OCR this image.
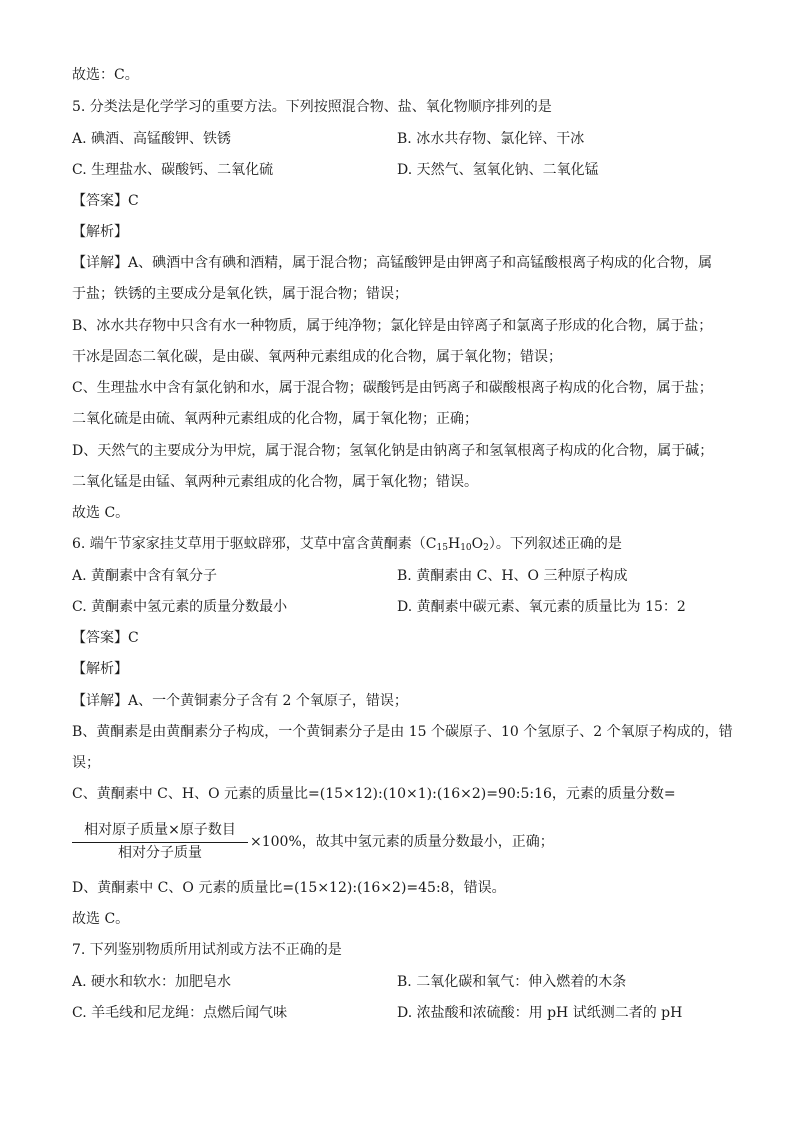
故选：C。
5. 分类法是化学学习的重要方法。下列按照混合物、盐、氧化物顺序排列的是
A. 碘酒、高锰酸钾、铁锈	B. 冰水共存物、氯化锌、干冰
C. 生理盐水、碳酸钙、二氧化硫	D. 天然气、氢氧化钠、二氧化锰
【答案】C
【解析】
【详解】A、碘酒中含有碘和酒精，属于混合物；高锰酸钾是由钾离子和高锰酸根离子构成的化合物，属
于盐；铁锈的主要成分是氧化铁，属于混合物；错误；
B、冰水共存物中只含有水一种物质，属于纯净物；氯化锌是由锌离子和氯离子形成的化合物，属于盐；
干冰是固态二氧化碳，是由碳、氧两种元素组成的化合物，属于氧化物；错误；
C、生理盐水中含有氯化钠和水，属于混合物；碳酸钙是由钙离子和碳酸根离子构成的化合物，属于盐；
二氧化硫是由硫、氧两种元素组成的化合物，属于氧化物；正确；
D、天然气的主要成分为甲烷，属于混合物；氢氧化钠是由钠离子和氢氧根离子构成的化合物，属于碱；
二氧化锰是由锰、氧两种元素组成的化合物，属于氧化物；错误。
故选 C。
6. 端午节家家挂艾草用于驱蚊辟邪，艾草中富含黄酮素$(C_{15}H_{10}O_2)$。下列叙述正确的是
A. 黄酮素中含有氧分子	B. 黄酮素由 C、H、O 三种原子构成
C. 黄酮素中氢元素的质量分数最小	D. 黄酮素中碳元素、氧元素的质量比为 15：2
【答案】C
【解析】
【详解】A、一个黄铜素分子含有 2 个氧原子，错误；
B、黄酮素是由黄酮素分子构成，一个黄铜素分子是由 15 个碳原子、10 个氢原子、2 个氧原子构成的，错
误；
C、黄酮素中 C、H、O 元素的质量比=(15×12):(10×1):(16×2)=90:5:16，元素的质量分数=
相对原子质量×原子数目
相对分子质量
×100%，故其中氢元素的质量分数最小，正确；
D、黄酮素中 C、O 元素的质量比=(15×12):(16×2)=45:8，错误。
故选 C。
7. 下列鉴别物质所用试剂或方法不正确的是
A. 硬水和软水：加肥皂水	B. 二氧化碳和氧气：伸入燃着的木条
C. 羊毛线和尼龙绳：点燃后闻气味	D. 浓盐酸和浓硫酸：用 pH 试纸测二者的 pH
